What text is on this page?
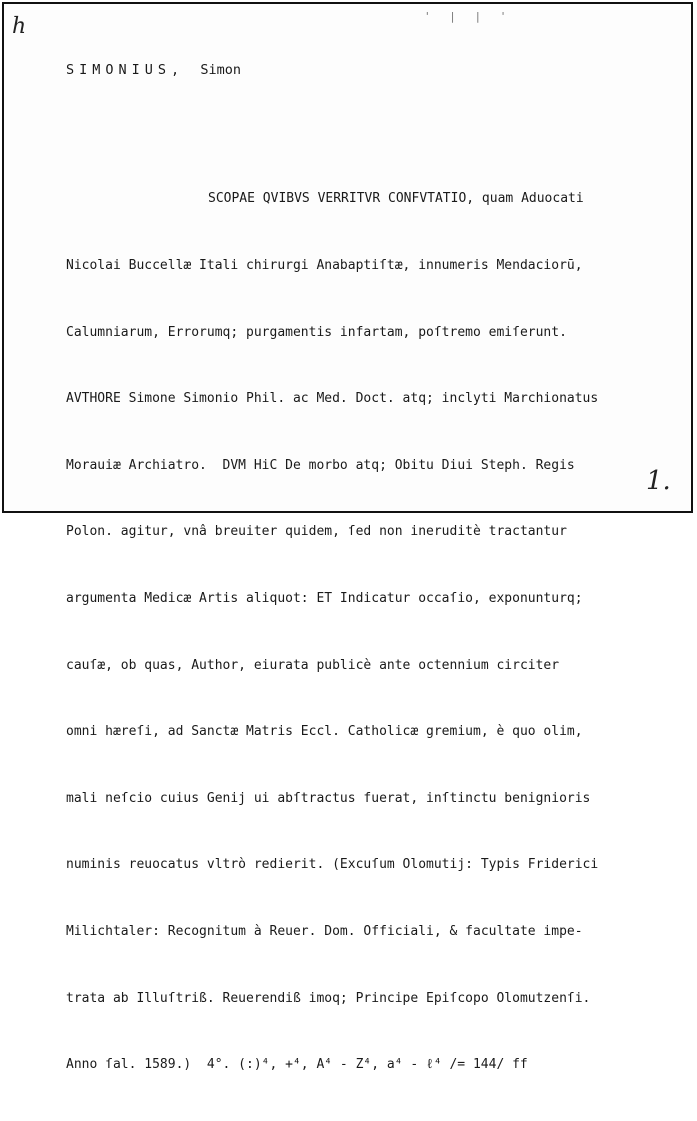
h	' | | '
SIMONIUS, Simon

SCOPAE QVIBVS VERRITVR CONFVTATIO, quam Aduocati

Nicolai Buccellæ Itali chirurgi Anabaptiſtæ, innumeris Mendaciorū,

Calumniarum, Errorumq; purgamentis infartam, poſtremo emiſerunt.

AVTHORE Simone Simonio Phil. ac Med. Doct. atq; inclyti Marchionatus

Morauiæ Archiatro.  DVM HiC De morbo atq; Obitu Diui Steph. Regis

Polon. agitur, vnâ breuiter quidem, ſed non ineruditè tractantur

argumenta Medicæ Artis aliquot: ET Indicatur occaſio, exponunturq;

cauſæ, ob quas, Author, eiurata publicè ante octennium circiter

omni hæreſi, ad Sanctæ Matris Eccl. Catholicæ gremium, è quo olim,

mali neſcio cuius Genij ui abſtractus fuerat, inſtinctu benignioris

numinis reuocatus vltrò redierit. (Excuſum Olomutij: Typis Friderici

Milichtaler: Recognitum à Reuer. Dom. Officiali, & facultate impe-

trata ab Illuſtriß. Reuerendiß imoq; Principe Epiſcopo Olomutzenſi.

Anno ſal. 1589.)  4°. (:)⁴, +⁴, A⁴ - Z⁴, a⁴ - ℓ⁴ /= 144/ ff

1.
